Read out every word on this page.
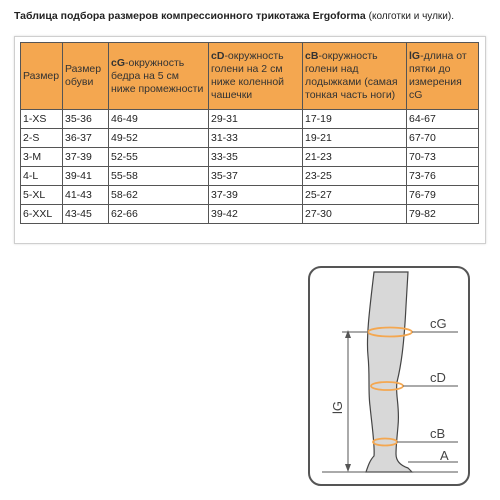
Таблица подбора размеров компрессионного трикотажа Ergoforma (колготки и чулки).
Размер	Размер обуви	cG-окружность бедра на 5 см ниже промежности	cD-окружность голени на 2 см ниже коленной чашечки	cB-окружность голени над лодыжками (самая тонкая часть ноги)	lG-длина от пятки до измерения cG
1-XS	35-36	46-49	29-31	17-19	64-67
2-S	36-37	49-52	31-33	19-21	67-70
3-M	37-39	52-55	33-35	21-23	70-73
4-L	39-41	55-58	35-37	23-25	73-76
5-XL	41-43	58-62	37-39	25-27	76-79
6-XXL	43-45	62-66	39-42	27-30	79-82
cG
cD
cB
A
lG
